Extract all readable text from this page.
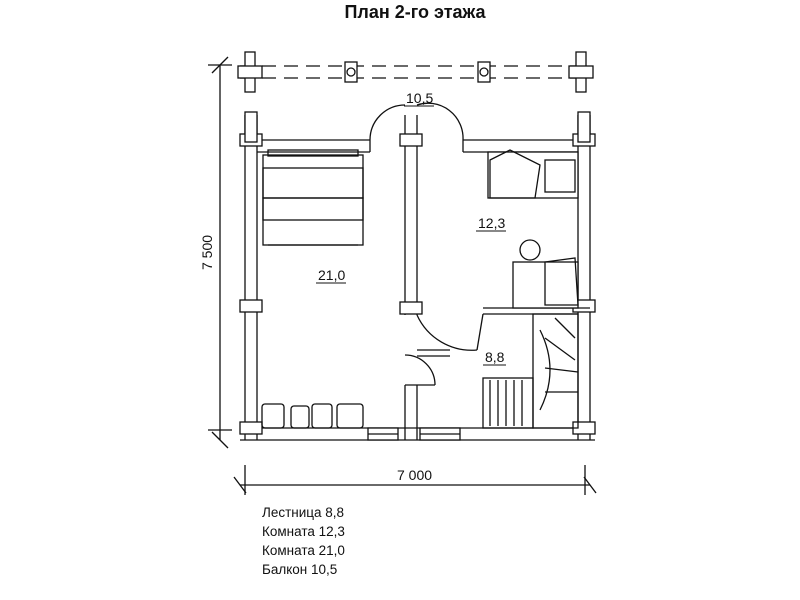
План 2-го этажа
10,5
21,0
12,3
8,8
7 500
7 000
Лестница 8,8
Комната 12,3
Комната 21,0
Балкон 10,5
